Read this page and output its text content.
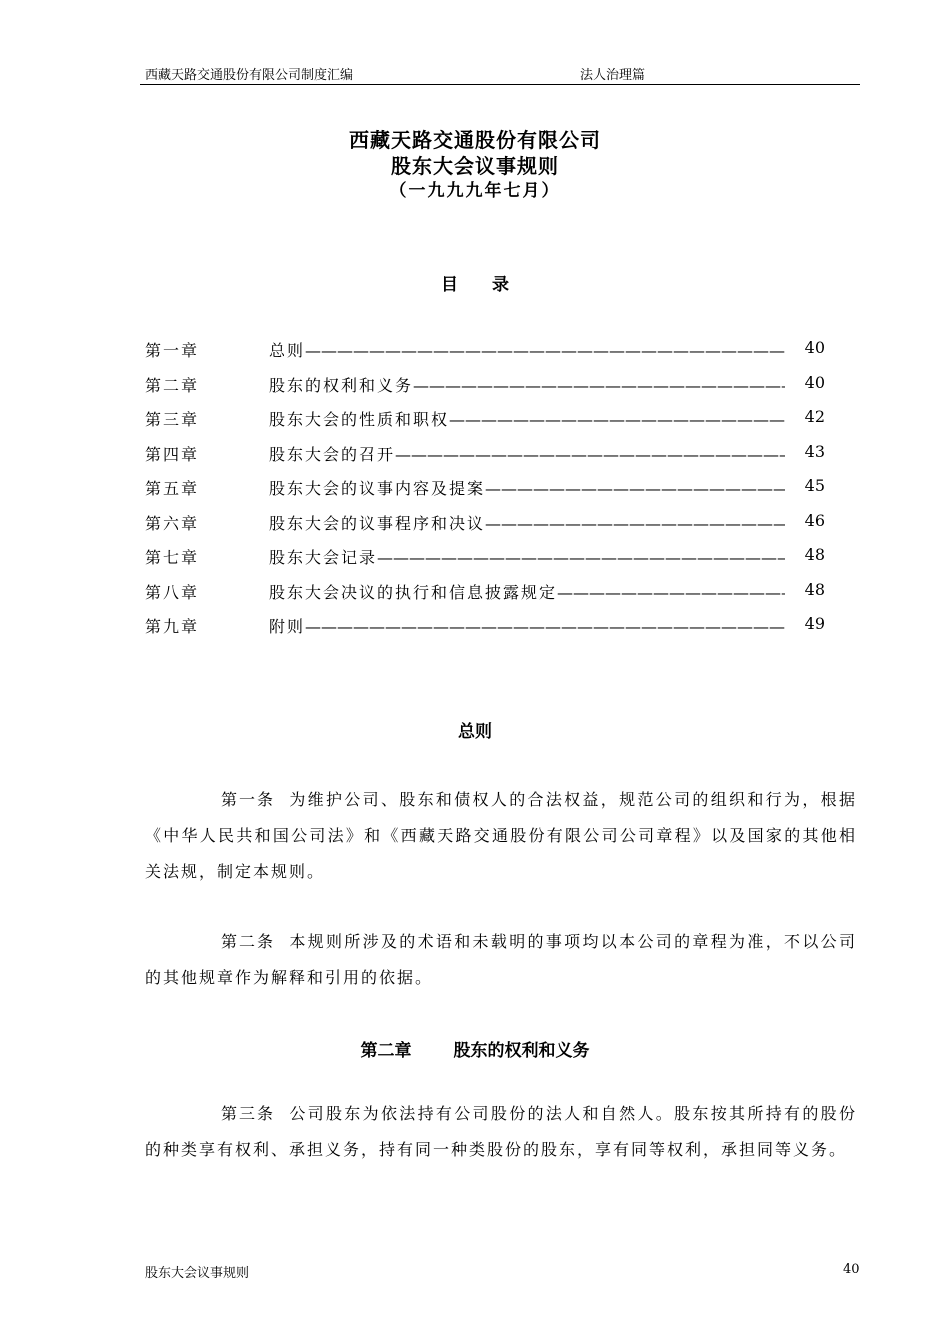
西藏天路交通股份有限公司制度汇编	法人治理篇
西藏天路交通股份有限公司
股东大会议事规则
（一九九九年七月）
目 录
第一章	总则 —————	40
第二章	股东的权利和义务 —————	40
第三章	股东大会的性质和职权 —————	42
第四章	股东大会的召开 —————	43
第五章	股东大会的议事内容及提案 —————	45
第六章	股东大会的议事程序和决议 —————	46
第七章	股东大会记录 —————	48
第八章	股东大会决议的执行和信息披露规定 —————	48
第九章	附则 —————	49
总则
第一条 为维护公司、股东和债权人的合法权益，规范公司的组织和行为，根据《中华人民共和国公司法》和《西藏天路交通股份有限公司公司章程》以及国家的其他相关法规，制定本规则。
第二条 本规则所涉及的术语和未载明的事项均以本公司的章程为准，不以公司的其他规章作为解释和引用的依据。
第二章 股东的权利和义务
第三条 公司股东为依法持有公司股份的法人和自然人。股东按其所持有的股份的种类享有权利、承担义务，持有同一种类股份的股东，享有同等权利，承担同等义务。
股东大会议事规则	40
